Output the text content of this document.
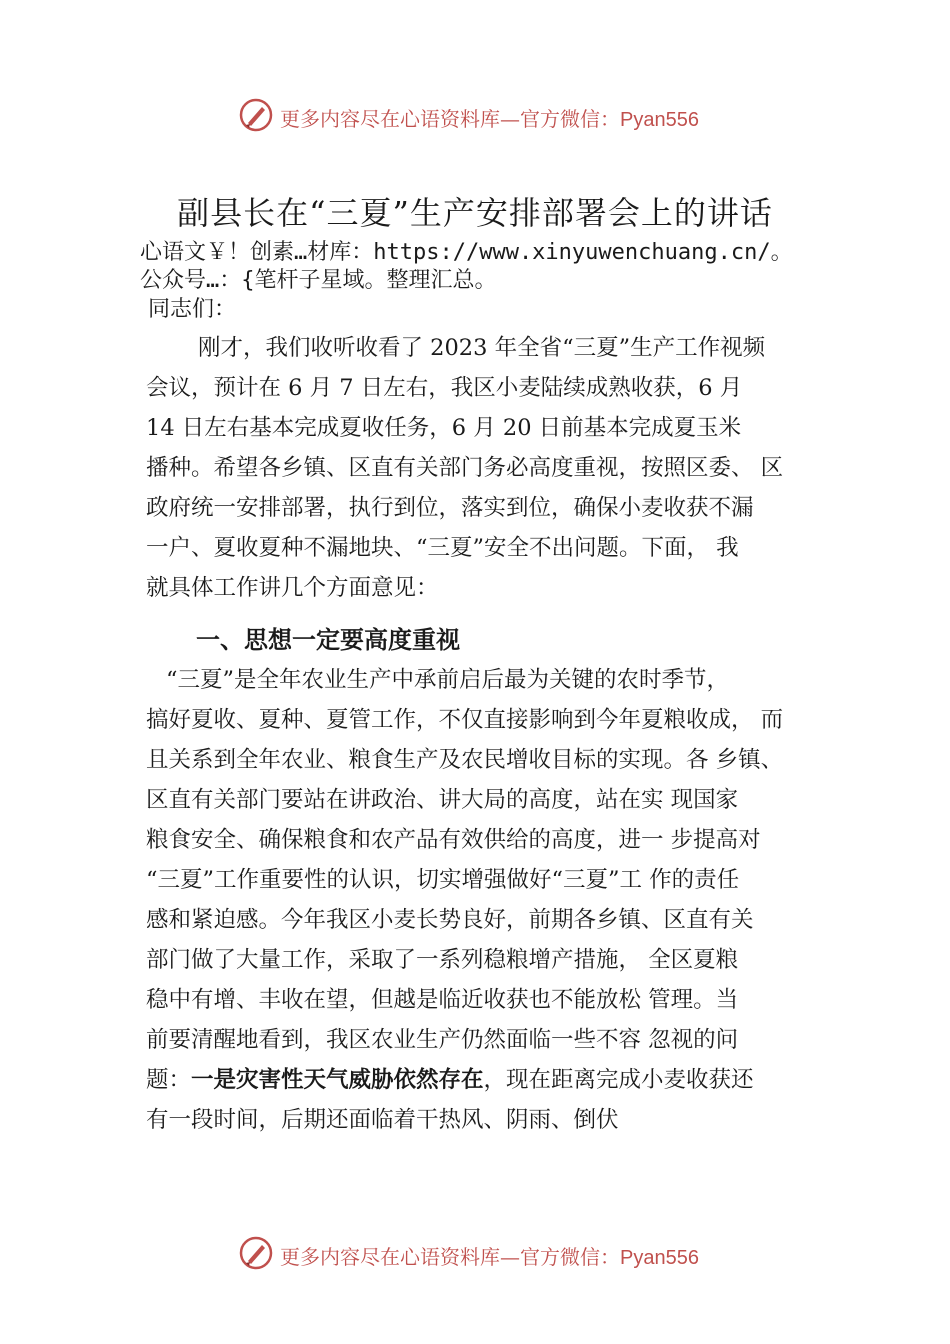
更多内容尽在心语资料库—官方微信：Pyan556
副县长在“三夏”生产安排部署会上的讲话
心语文￥！创素…材库：https://www.xinyuwenchuang.cn/。
公众号…：{笔杆子星域。整理汇总。
同志们：
刚才，我们收听收看了 2023 年全省“三夏”生产工作视频
会议，预计在 6 月 7 日左右，我区小麦陆续成熟收获，6 月
14 日左右基本完成夏收任务，6 月 20 日前基本完成夏玉米
播种。希望各乡镇、区直有关部门务必高度重视，按照区委、 区
政府统一安排部署，执行到位，落实到位，确保小麦收获不漏
一户、夏收夏种不漏地块、“三夏”安全不出问题。下面， 我
就具体工作讲几个方面意见：
一、思想一定要高度重视
“三夏”是全年农业生产中承前启后最为关键的农时季节，
搞好夏收、夏种、夏管工作，不仅直接影响到今年夏粮收成， 而
且关系到全年农业、粮食生产及农民增收目标的实现。各 乡镇、
区直有关部门要站在讲政治、讲大局的高度，站在实 现国家
粮食安全、确保粮食和农产品有效供给的高度，进一 步提高对
“三夏”工作重要性的认识，切实增强做好“三夏”工 作的责任
感和紧迫感。今年我区小麦长势良好，前期各乡镇、区直有关
部门做了大量工作，采取了一系列稳粮增产措施， 全区夏粮
稳中有增、丰收在望，但越是临近收获也不能放松 管理。当
前要清醒地看到，我区农业生产仍然面临一些不容 忽视的问
题：一是灾害性天气威胁依然存在，现在距离完成小麦收获还
有一段时间，后期还面临着干热风、阴雨、倒伏
更多内容尽在心语资料库—官方微信：Pyan556
